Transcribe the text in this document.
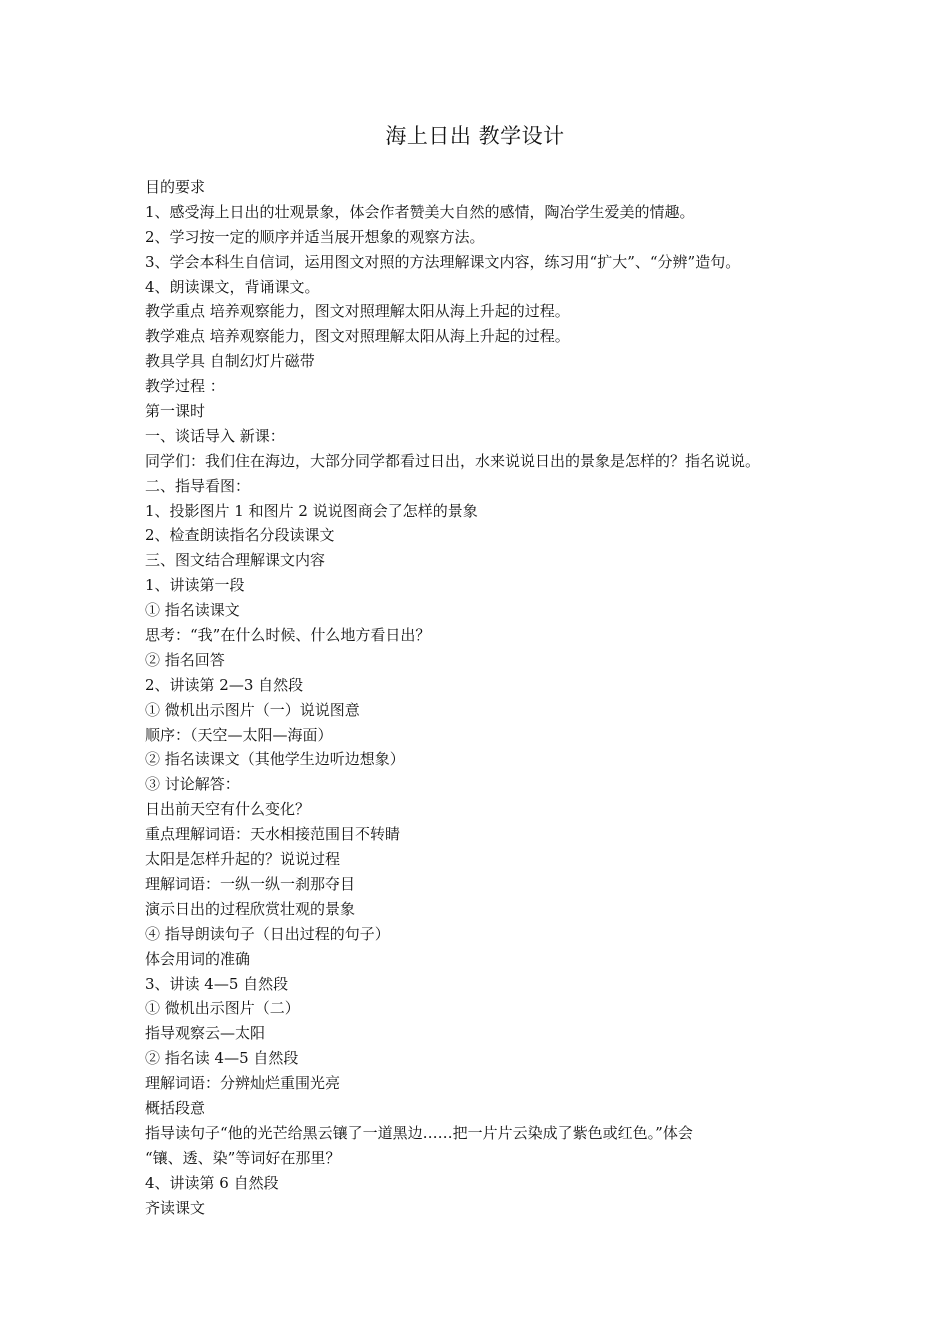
海上日出 教学设计
目的要求
1、感受海上日出的壮观景象，体会作者赞美大自然的感情，陶冶学生爱美的情趣。
2、学习按一定的顺序并适当展开想象的观察方法。
3、学会本科生自信词，运用图文对照的方法理解课文内容，练习用“扩大”、“分辨”造句。
4、朗读课文，背诵课文。
教学重点 培养观察能力，图文对照理解太阳从海上升起的过程。
教学难点 培养观察能力，图文对照理解太阳从海上升起的过程。
教具学具 自制幻灯片磁带
教学过程 ：
第一课时
一、谈话导入 新课：
同学们：我们住在海边，大部分同学都看过日出，水来说说日出的景象是怎样的？指名说说。
二、指导看图：
1、投影图片 1 和图片 2 说说图商会了怎样的景象
2、检查朗读指名分段读课文
三、图文结合理解课文内容
1、讲读第一段
① 指名读课文
思考：“我”在什么时候、什么地方看日出？
② 指名回答
2、讲读第 2—3 自然段
① 微机出示图片（一）说说图意
顺序：（天空—太阳—海面）
② 指名读课文（其他学生边听边想象）
③ 讨论解答：
日出前天空有什么变化？
重点理解词语：天水相接范围目不转睛
太阳是怎样升起的？说说过程
理解词语：一纵一纵一刹那夺目
演示日出的过程欣赏壮观的景象
④ 指导朗读句子（日出过程的句子）
体会用词的准确
3、讲读 4—5 自然段
① 微机出示图片（二）
指导观察云—太阳
② 指名读 4—5 自然段
理解词语：分辨灿烂重围光亮
概括段意
指导读句子“他的光芒给黑云镶了一道黑边……把一片片云染成了紫色或红色。”体会
“镶、透、染”等词好在那里？
4、讲读第 6 自然段
齐读课文
